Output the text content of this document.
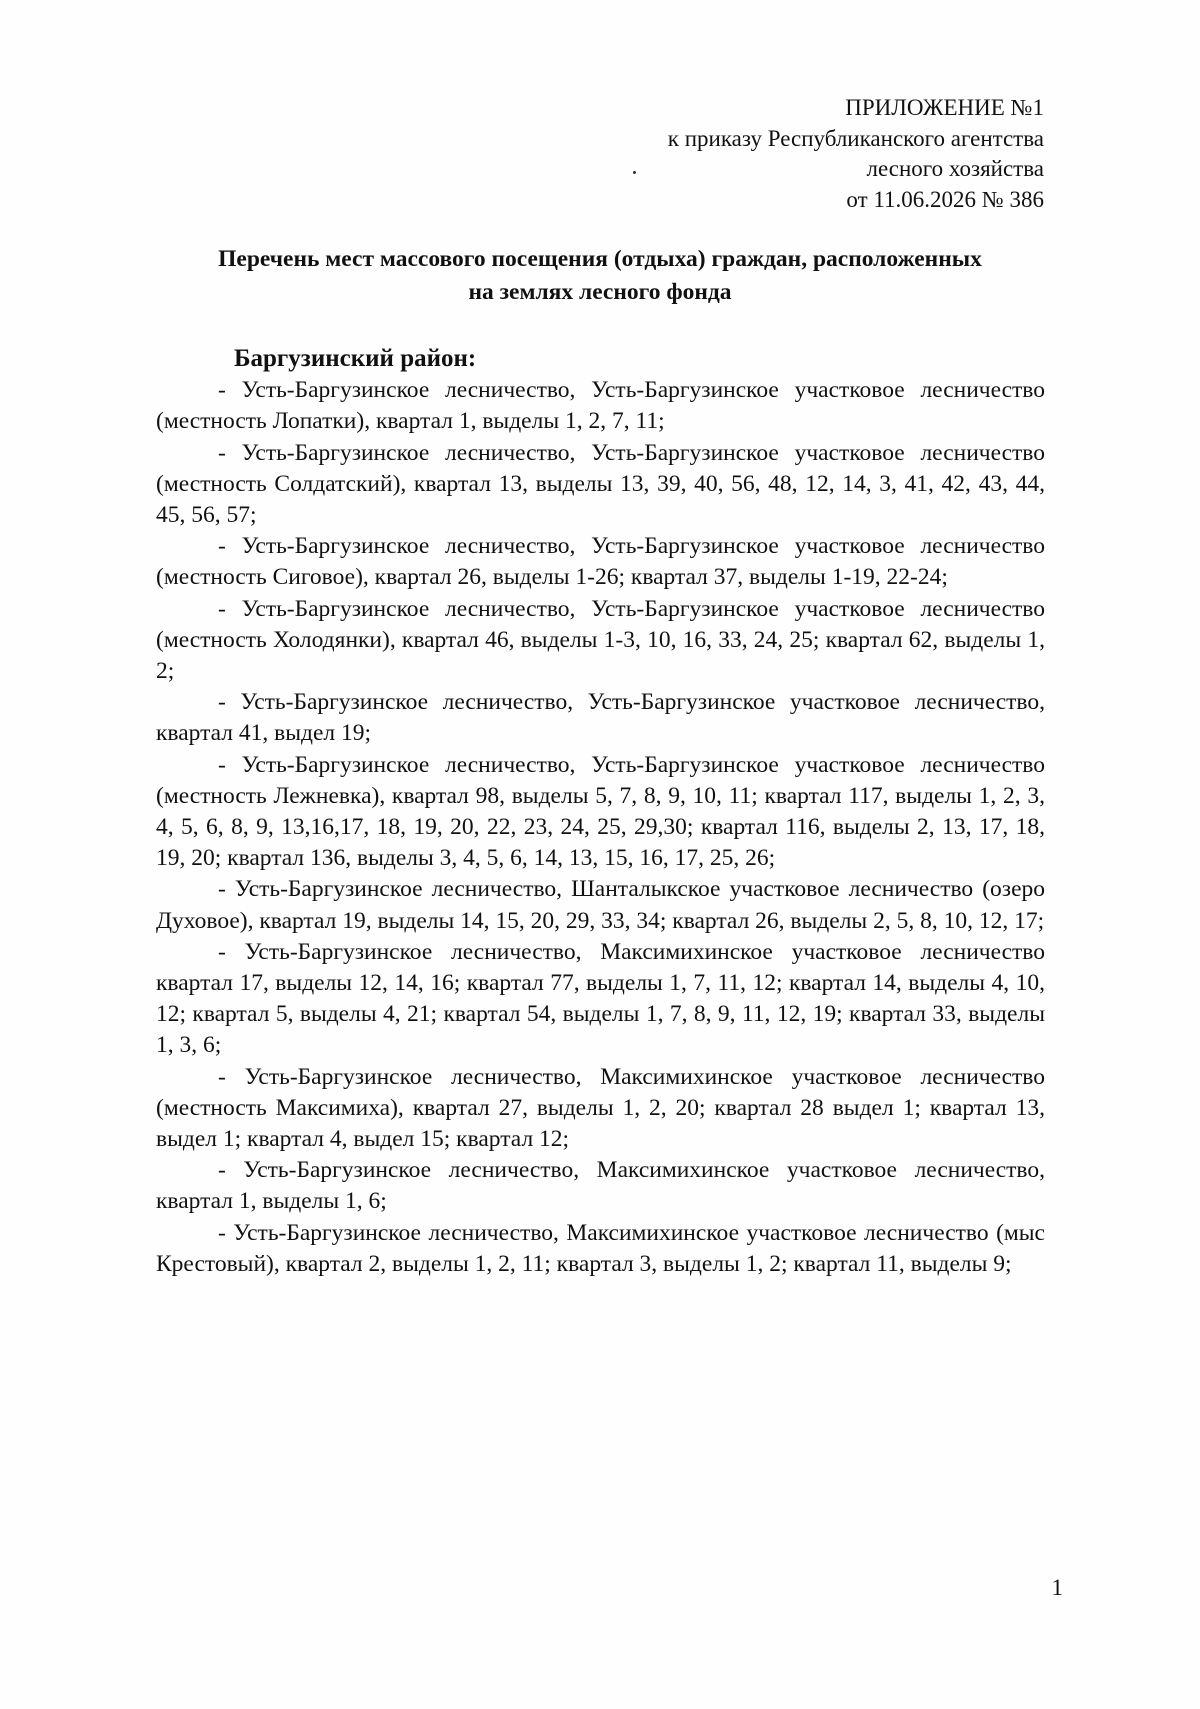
ПРИЛОЖЕНИЕ №1
к приказу Республиканского агентства
лесного хозяйства
от 11.06.2026 № 386
Перечень мест массового посещения (отдыха) граждан, расположенных
на землях лесного фонда

Баргузинский район:

- Усть-Баргузинское лесничество, Усть-Баргузинское участковое лесничество (местность Лопатки), квартал 1, выделы 1, 2, 7, 11;

- Усть-Баргузинское лесничество, Усть-Баргузинское участковое лесничество (местность Солдатский), квартал 13, выделы 13, 39, 40, 56, 48, 12, 14, 3, 41, 42, 43, 44, 45, 56, 57;

- Усть-Баргузинское лесничество, Усть-Баргузинское участковое лесничество (местность Сиговое), квартал 26, выделы 1-26; квартал 37, выделы 1-19, 22-24;

- Усть-Баргузинское лесничество, Усть-Баргузинское участковое лесничество (местность Холодянки), квартал 46, выделы 1-3, 10, 16, 33, 24, 25; квартал 62, выделы 1, 2;

- Усть-Баргузинское лесничество, Усть-Баргузинское участковое лесничество, квартал 41, выдел 19;

- Усть-Баргузинское лесничество, Усть-Баргузинское участковое лесничество (местность Лежневка), квартал 98, выделы 5, 7, 8, 9, 10, 11; квартал 117, выделы 1, 2, 3, 4, 5, 6, 8, 9, 13,16,17, 18, 19, 20, 22, 23, 24, 25, 29,30; квартал 116, выделы 2, 13, 17, 18, 19, 20; квартал 136, выделы 3, 4, 5, 6, 14, 13, 15, 16, 17, 25, 26;

- Усть-Баргузинское лесничество, Шанталыкское участковое лесничество (озеро Духовое), квартал 19, выделы 14, 15, 20, 29, 33, 34; квартал 26, выделы 2, 5, 8, 10, 12, 17;

- Усть-Баргузинское лесничество, Максимихинское участковое лесничество квартал 17, выделы 12, 14, 16; квартал 77, выделы 1, 7, 11, 12; квартал 14, выделы 4, 10, 12; квартал 5, выделы 4, 21; квартал 54, выделы 1, 7, 8, 9, 11, 12, 19; квартал 33, выделы 1, 3, 6;

- Усть-Баргузинское лесничество, Максимихинское участковое лесничество (местность Максимиха), квартал 27, выделы 1, 2, 20; квартал 28 выдел 1; квартал 13, выдел 1; квартал 4, выдел 15; квартал 12;

- Усть-Баргузинское лесничество, Максимихинское участковое лесничество, квартал 1, выделы 1, 6;

- Усть-Баргузинское лесничество, Максимихинское участковое лесничество (мыс Крестовый), квартал 2, выделы 1, 2, 11; квартал 3, выделы 1, 2; квартал 11, выделы 9;

1
